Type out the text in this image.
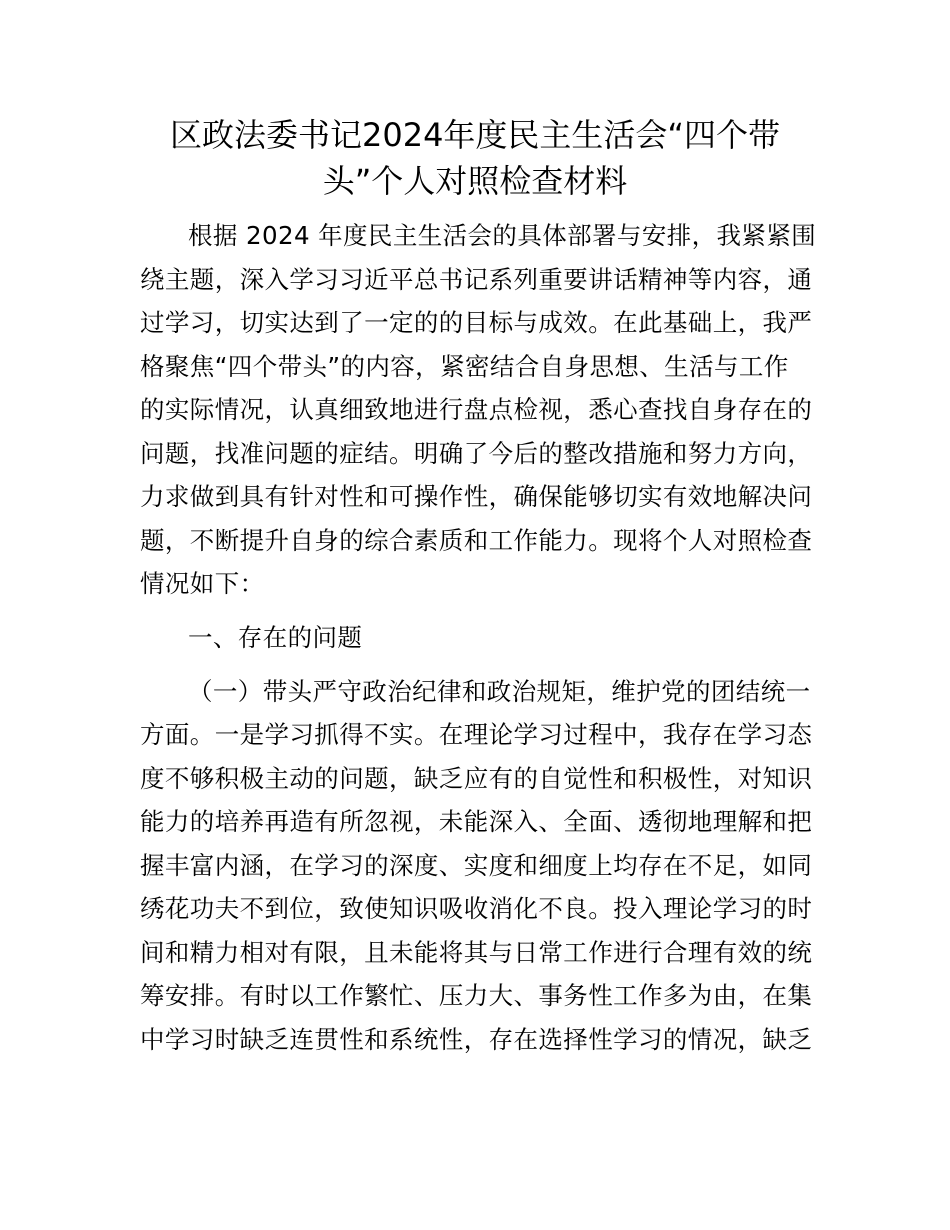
区政法委书记2024年度民主生活会“四个带
头”个人对照检查材料
根据 2024 年度民主生活会的具体部署与安排，我紧紧围
绕主题，深入学习习近平总书记系列重要讲话精神等内容，通
过学习，切实达到了一定的的目标与成效。在此基础上，我严
格聚焦“四个带头”的内容，紧密结合自身思想、生活与工作
的实际情况，认真细致地进行盘点检视，悉心查找自身存在的
问题，找准问题的症结。明确了今后的整改措施和努力方向，
力求做到具有针对性和可操作性，确保能够切实有效地解决问
题，不断提升自身的综合素质和工作能力。现将个人对照检查
情况如下：
一、存在的问题
（一）带头严守政治纪律和政治规矩，维护党的团结统一
方面。一是学习抓得不实。在理论学习过程中，我存在学习态
度不够积极主动的问题，缺乏应有的自觉性和积极性，对知识
能力的培养再造有所忽视，未能深入、全面、透彻地理解和把
握丰富内涵，在学习的深度、实度和细度上均存在不足，如同
绣花功夫不到位，致使知识吸收消化不良。投入理论学习的时
间和精力相对有限，且未能将其与日常工作进行合理有效的统
筹安排。有时以工作繁忙、压力大、事务性工作多为由，在集
中学习时缺乏连贯性和系统性，存在选择性学习的情况，缺乏
